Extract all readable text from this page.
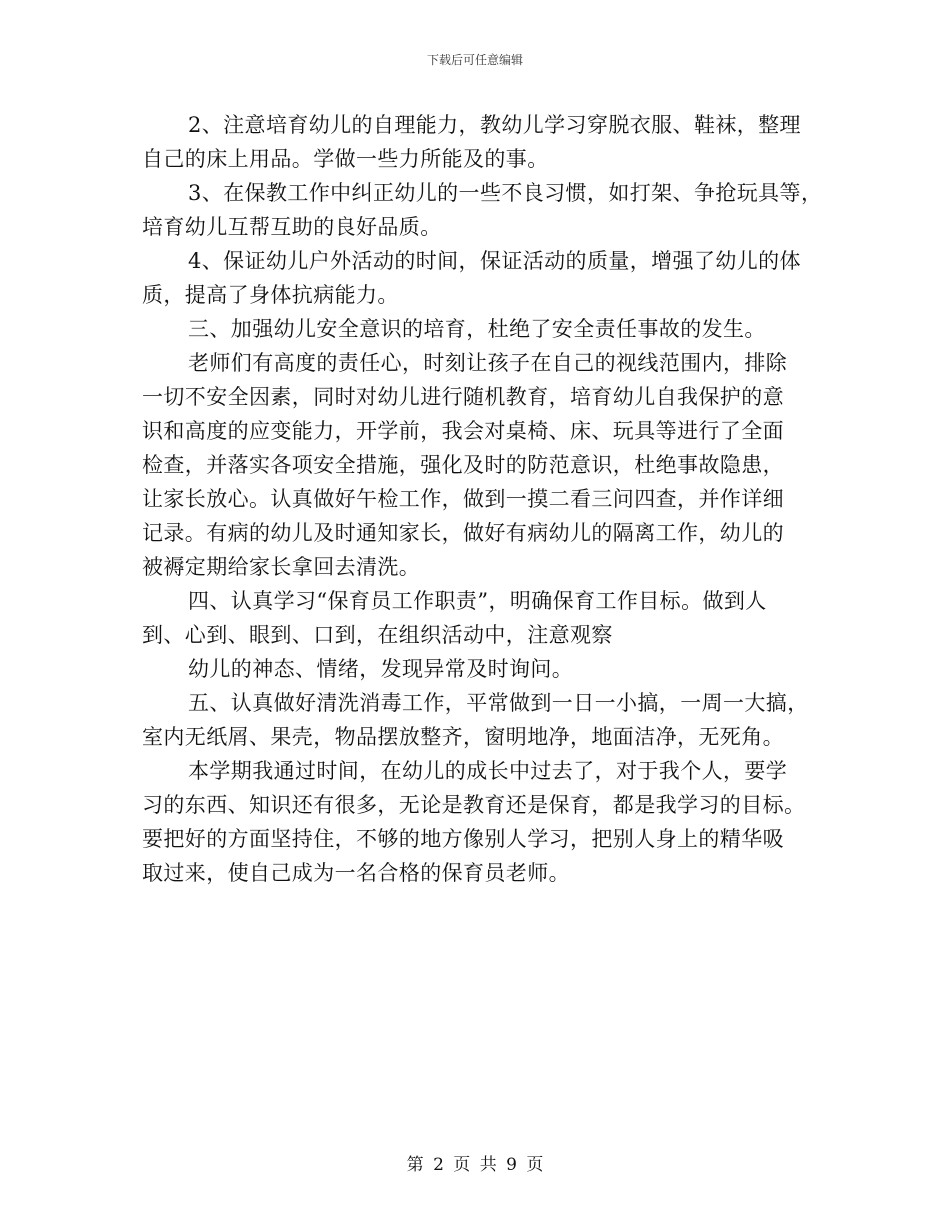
下载后可任意编辑
2、注意培育幼儿的自理能力，教幼儿学习穿脱衣服、鞋袜，整理
自己的床上用品。学做一些力所能及的事。
3、在保教工作中纠正幼儿的一些不良习惯，如打架、争抢玩具等，
培育幼儿互帮互助的良好品质。
4、保证幼儿户外活动的时间，保证活动的质量，增强了幼儿的体
质，提高了身体抗病能力。
三、加强幼儿安全意识的培育，杜绝了安全责任事故的发生。
老师们有高度的责任心，时刻让孩子在自己的视线范围内，排除
一切不安全因素，同时对幼儿进行随机教育，培育幼儿自我保护的意
识和高度的应变能力，开学前，我会对桌椅、床、玩具等进行了全面
检查，并落实各项安全措施，强化及时的防范意识，杜绝事故隐患，
让家长放心。认真做好午检工作，做到一摸二看三问四查，并作详细
记录。有病的幼儿及时通知家长，做好有病幼儿的隔离工作，幼儿的
被褥定期给家长拿回去清洗。
四、认真学习“保育员工作职责”，明确保育工作目标。做到人
到、心到、眼到、口到，在组织活动中，注意观察
幼儿的神态、情绪，发现异常及时询问。
五、认真做好清洗消毒工作，平常做到一日一小搞，一周一大搞，
室内无纸屑、果壳，物品摆放整齐，窗明地净，地面洁净，无死角。
本学期我通过时间，在幼儿的成长中过去了，对于我个人，要学
习的东西、知识还有很多，无论是教育还是保育，都是我学习的目标。
要把好的方面坚持住，不够的地方像别人学习，把别人身上的精华吸
取过来，使自己成为一名合格的保育员老师。
第 2 页 共 9 页
